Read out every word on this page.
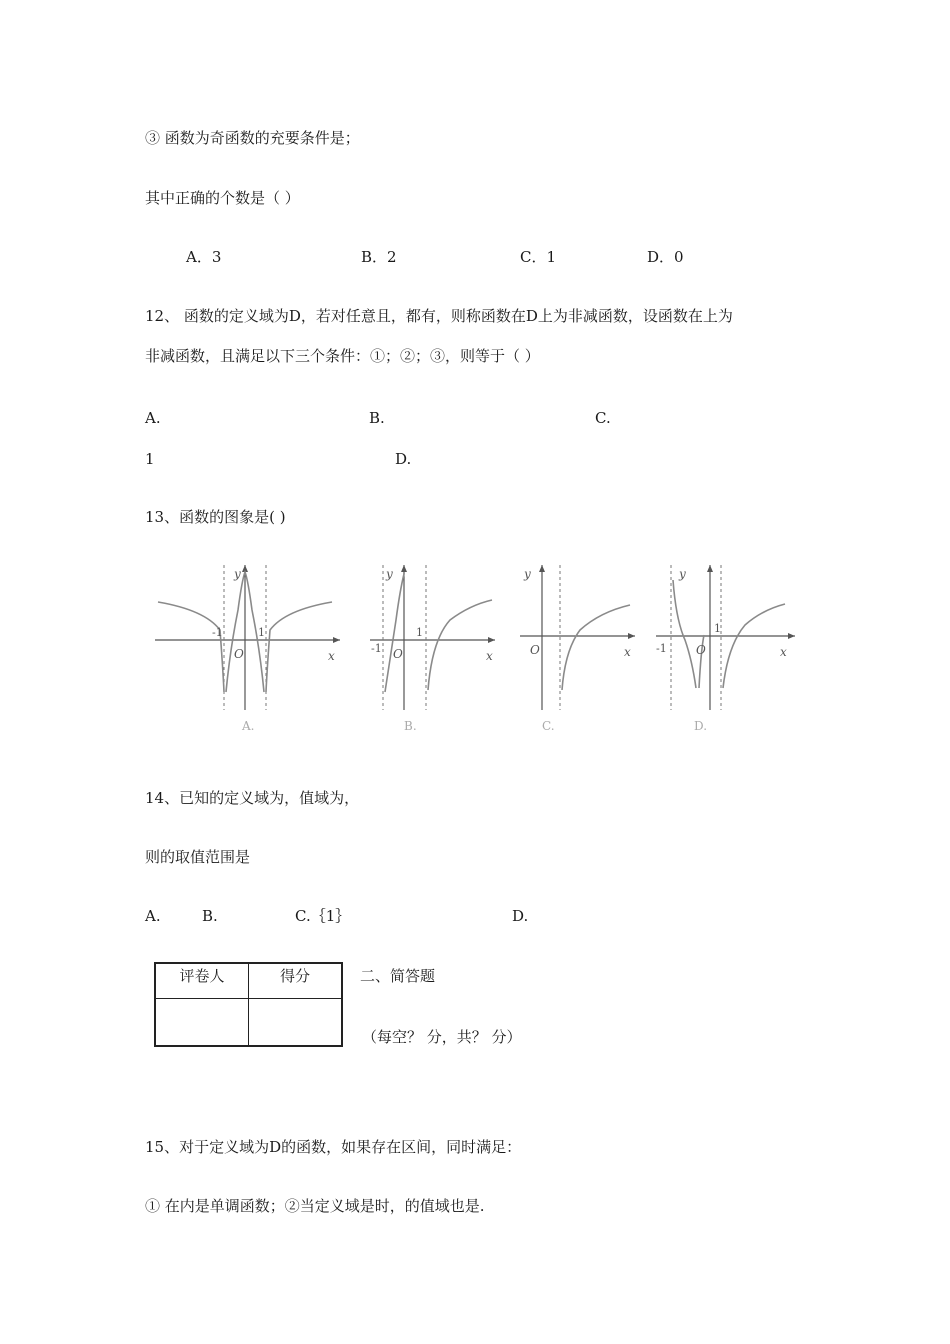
③ 函数为奇函数的充要条件是；
其中正确的个数是（ ）
A．3	B．2	C．1	D．0
12、 函数的定义域为D，若对任意且，都有，则称函数在D上为非减函数，设函数在上为
非减函数，且满足以下三个条件：①；②；③，则等于（ ）
A.	B.	C.
1	D.
13、函数的图象是( )
-1	1
O	x
y
A.
-1
1
O	x
y
B.
O	x
y
C.
-1
1
O	x
y
D.
14、已知的定义域为，值域为，
则的取值范围是
A.	B.	C.｛1｝	D.
评卷人	得分
		二、简答题
（每空？ 分，共？ 分）
15、对于定义域为D的函数，如果存在区间，同时满足：
① 在内是单调函数；②当定义域是时，的值域也是.
